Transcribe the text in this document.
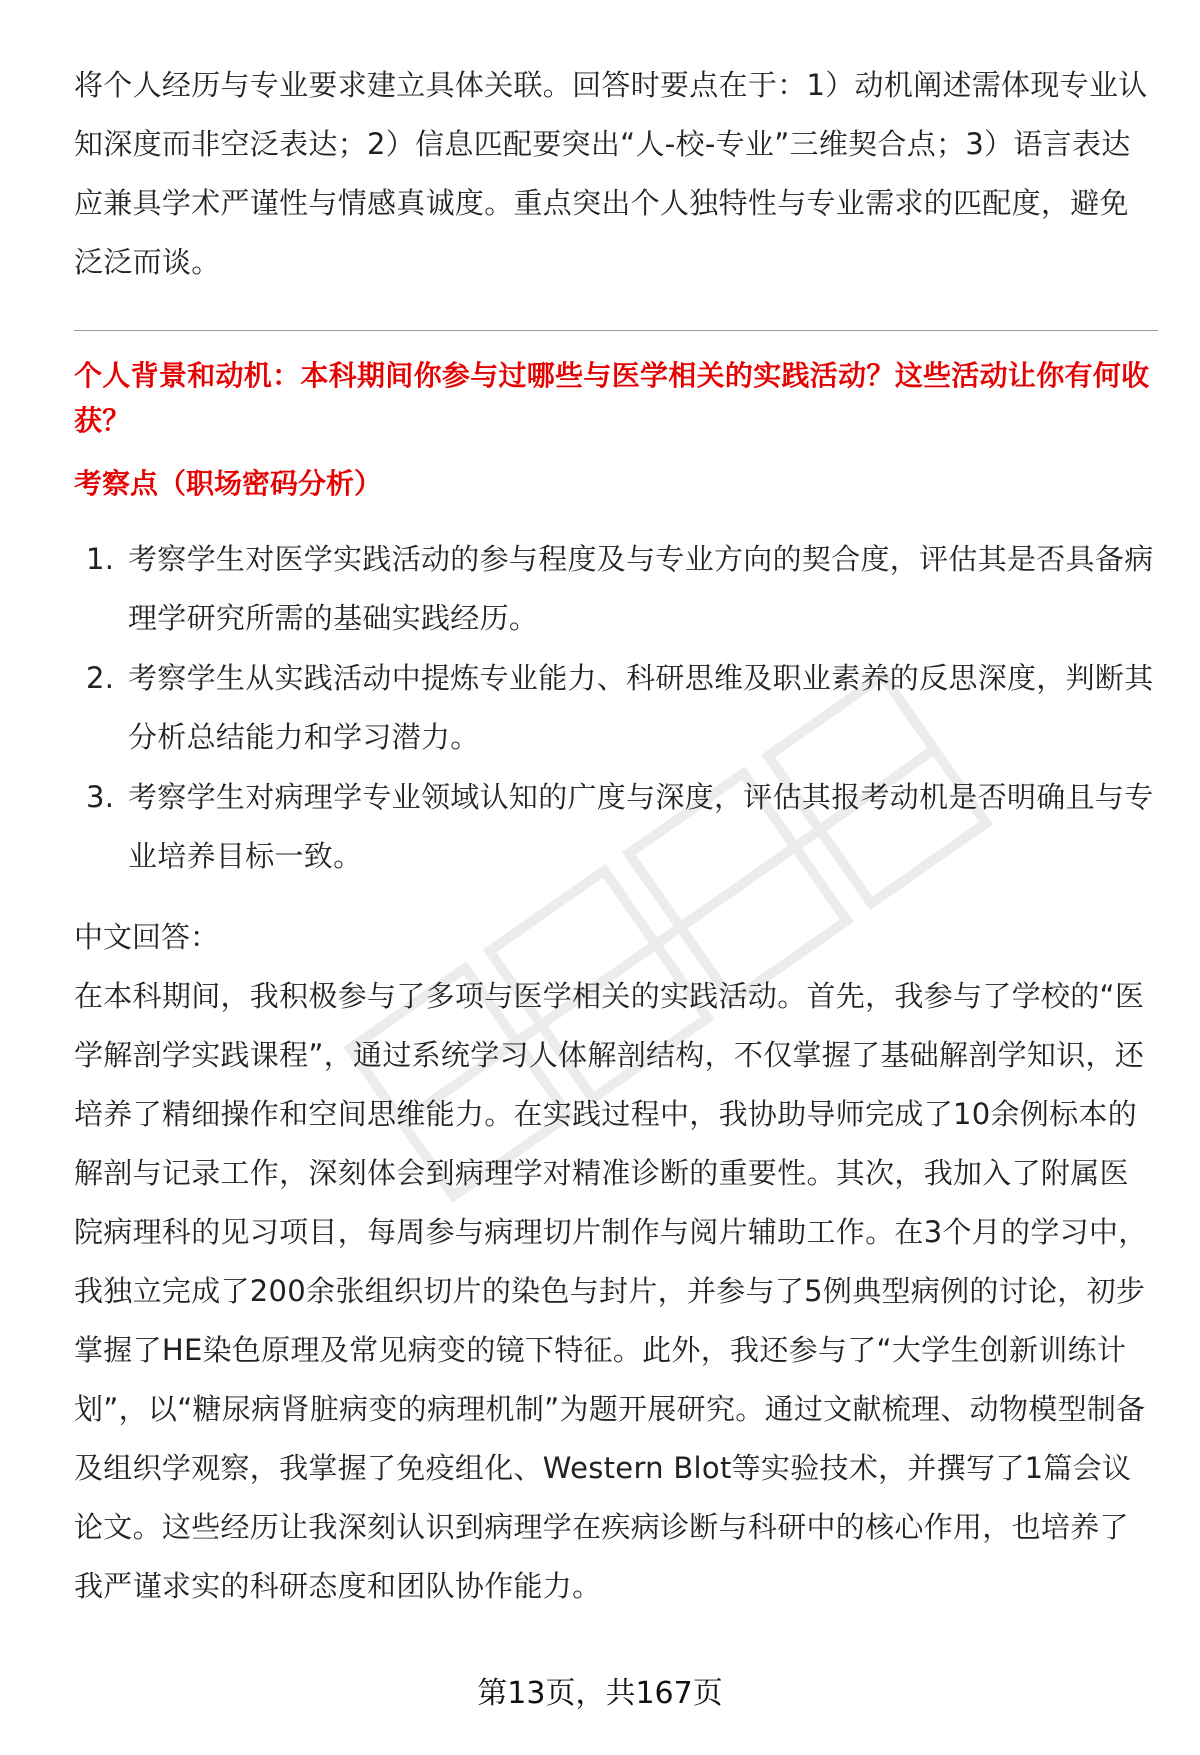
将个人经历与专业要求建立具体关联。回答时要点在于：1）动机阐述需体现专业认知深度而非空泛表达；2）信息匹配要突出“人-校-专业”三维契合点；3）语言表达应兼具学术严谨性与情感真诚度。重点突出个人独特性与专业需求的匹配度，避免泛泛而谈。

个人背景和动机：本科期间你参与过哪些与医学相关的实践活动？这些活动让你有何收获？

考察点（职场密码分析）

1. 考察学生对医学实践活动的参与程度及与专业方向的契合度，评估其是否具备病理学研究所需的基础实践经历。
2. 考察学生从实践活动中提炼专业能力、科研思维及职业素养的反思深度，判断其分析总结能力和学习潜力。
3. 考察学生对病理学专业领域认知的广度与深度，评估其报考动机是否明确且与专业培养目标一致。

中文回答：

在本科期间，我积极参与了多项与医学相关的实践活动。首先，我参与了学校的“医学解剖学实践课程”，通过系统学习人体解剖结构，不仅掌握了基础解剖学知识，还培养了精细操作和空间思维能力。在实践过程中，我协助导师完成了10余例标本的解剖与记录工作，深刻体会到病理学对精准诊断的重要性。其次，我加入了附属医院病理科的见习项目，每周参与病理切片制作与阅片辅助工作。在3个月的学习中，我独立完成了200余张组织切片的染色与封片，并参与了5例典型病例的讨论，初步掌握了HE染色原理及常见病变的镜下特征。此外，我还参与了“大学生创新训练计划”，以“糖尿病肾脏病变的病理机制”为题开展研究。通过文献梳理、动物模型制备及组织学观察，我掌握了免疫组化、Western Blot等实验技术，并撰写了1篇会议论文。这些经历让我深刻认识到病理学在疾病诊断与科研中的核心作用，也培养了我严谨求实的科研态度和团队协作能力。

第13页，共167页
